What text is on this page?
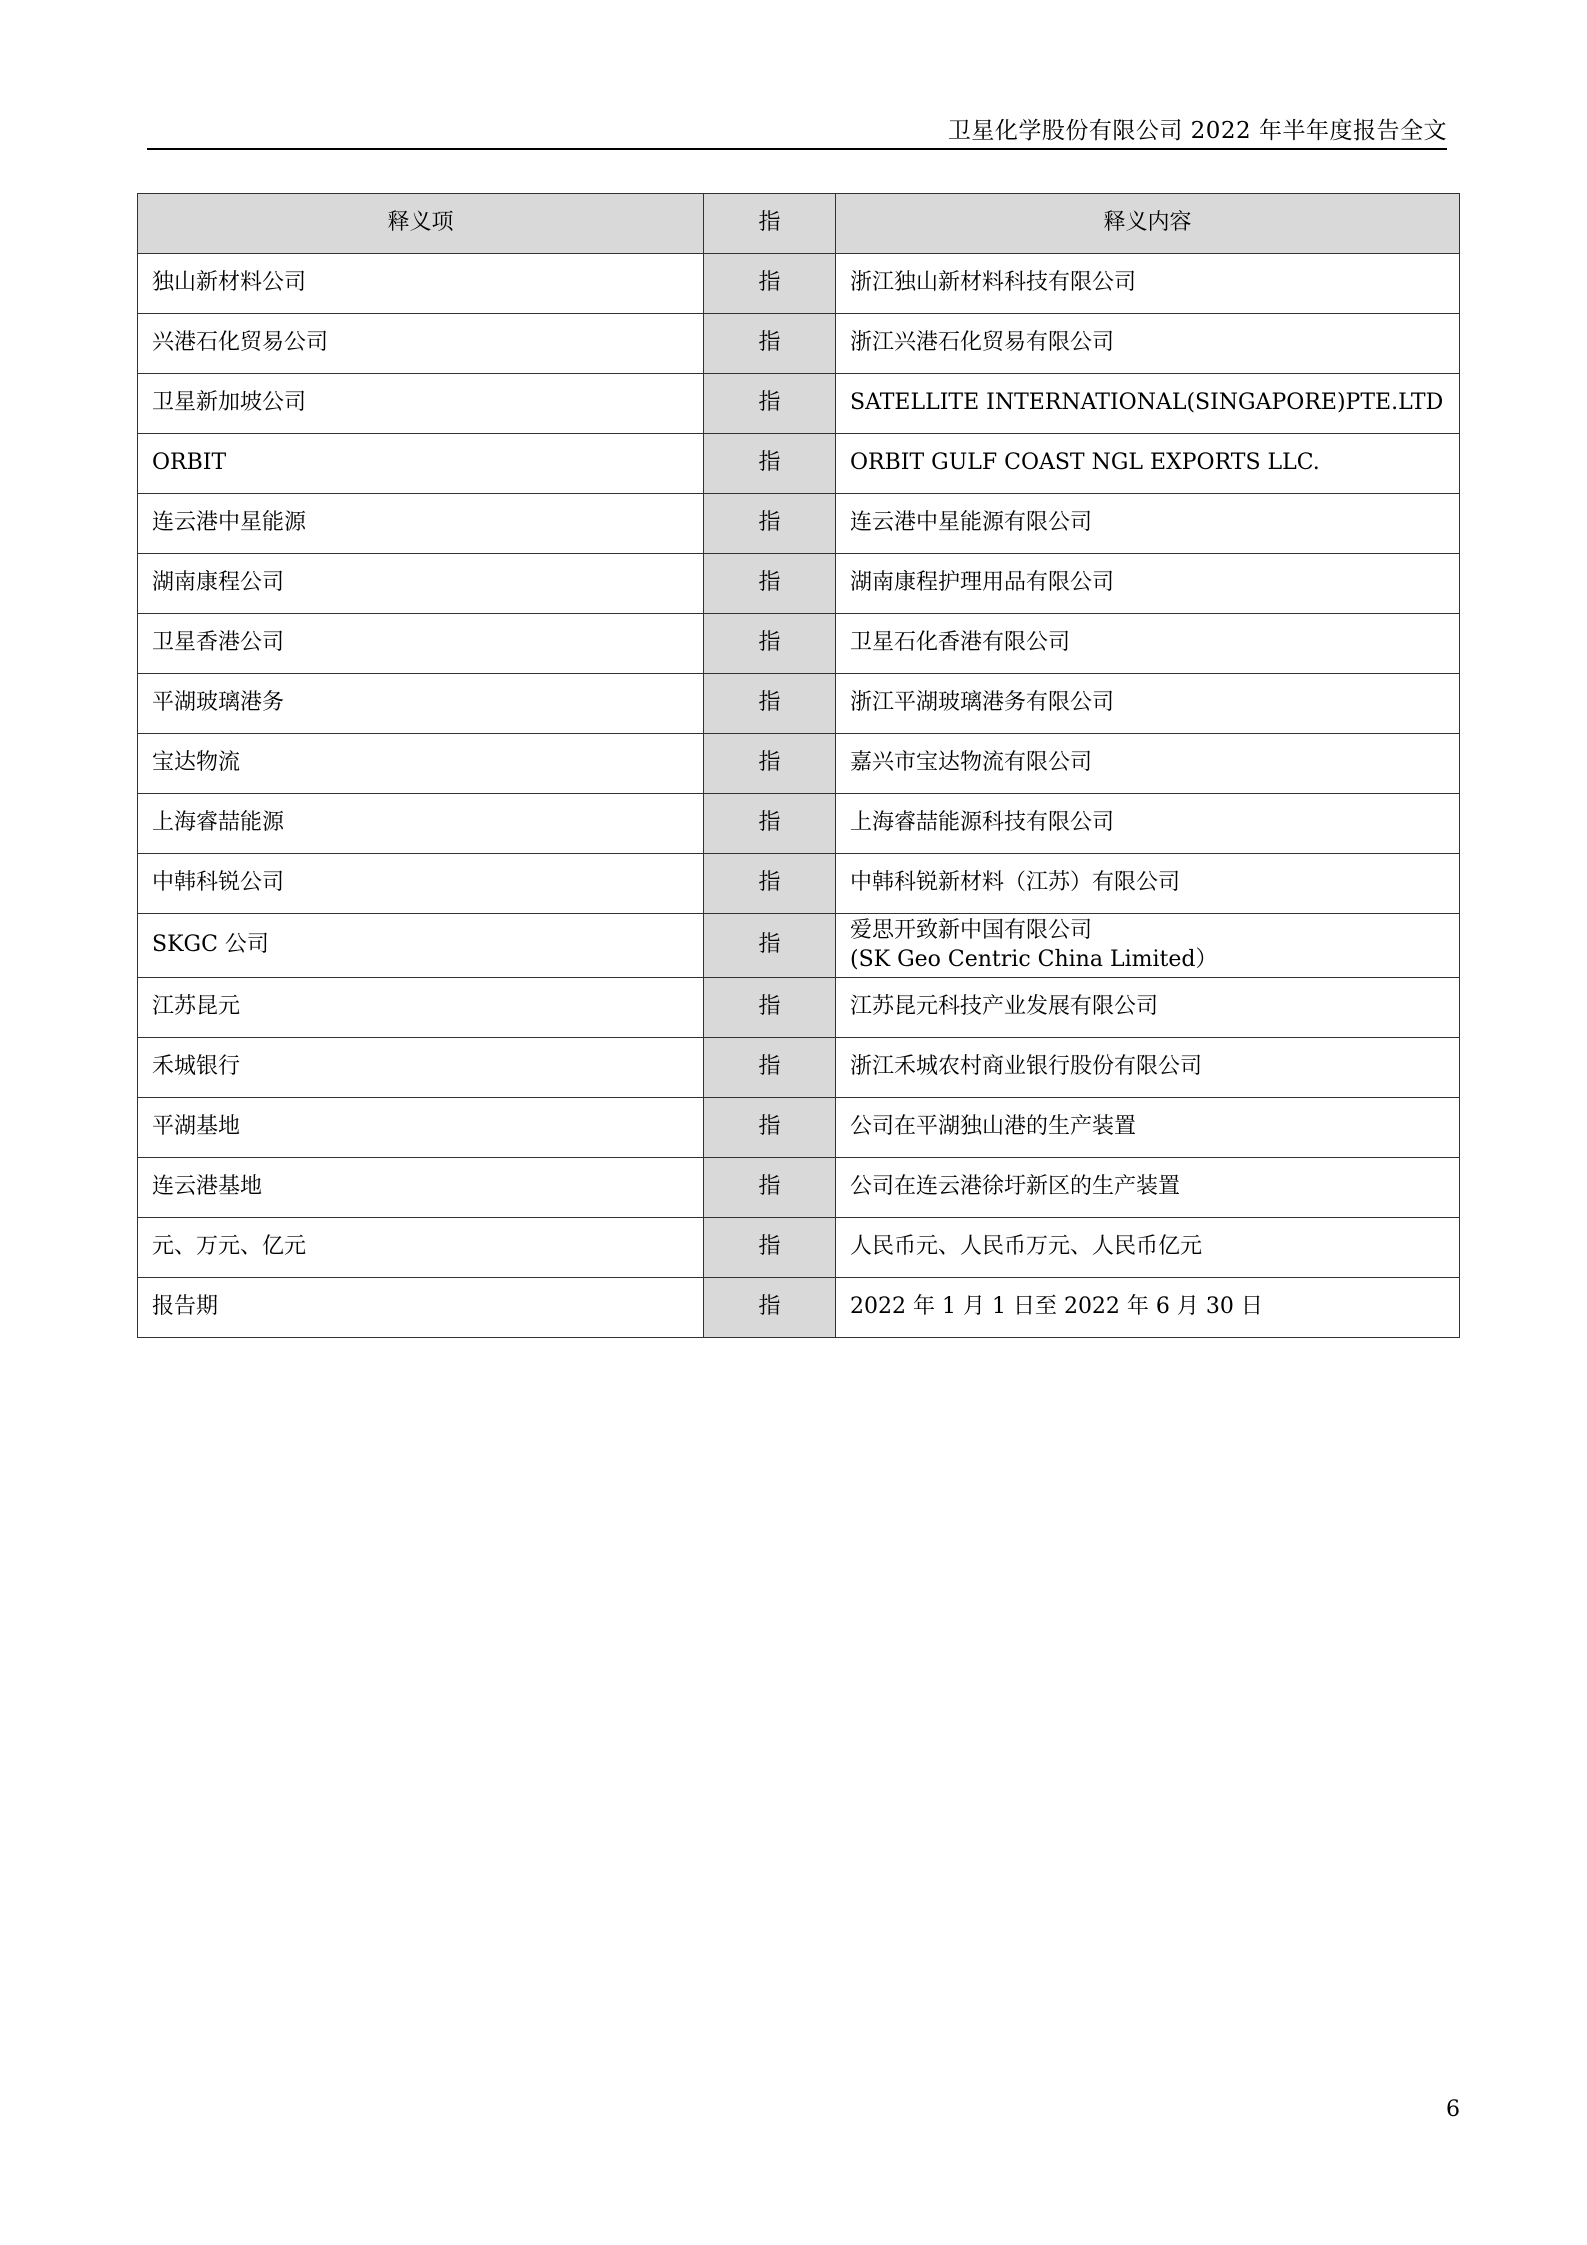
卫星化学股份有限公司 2022 年半年度报告全文
释义项	指	释义内容
独山新材料公司	指	浙江独山新材料科技有限公司

兴港石化贸易公司	指	浙江兴港石化贸易有限公司

卫星新加坡公司	指	SATELLITE INTERNATIONAL(SINGAPORE)PTE.LTD

ORBIT	指	ORBIT GULF COAST NGL EXPORTS LLC.

连云港中星能源	指	连云港中星能源有限公司

湖南康程公司	指	湖南康程护理用品有限公司

卫星香港公司	指	卫星石化香港有限公司

平湖玻璃港务	指	浙江平湖玻璃港务有限公司

宝达物流	指	嘉兴市宝达物流有限公司

上海睿喆能源	指	上海睿喆能源科技有限公司

中韩科锐公司	指	中韩科锐新材料（江苏）有限公司

SKGC 公司	指	爱思开致新中国有限公司
(SK Geo Centric China Limited）

江苏昆元	指	江苏昆元科技产业发展有限公司

禾城银行	指	浙江禾城农村商业银行股份有限公司

平湖基地	指	公司在平湖独山港的生产装置

连云港基地	指	公司在连云港徐圩新区的生产装置

元、万元、亿元	指	人民币元、人民币万元、人民币亿元

报告期	指	2022 年 1 月 1 日至 2022 年 6 月 30 日
6
